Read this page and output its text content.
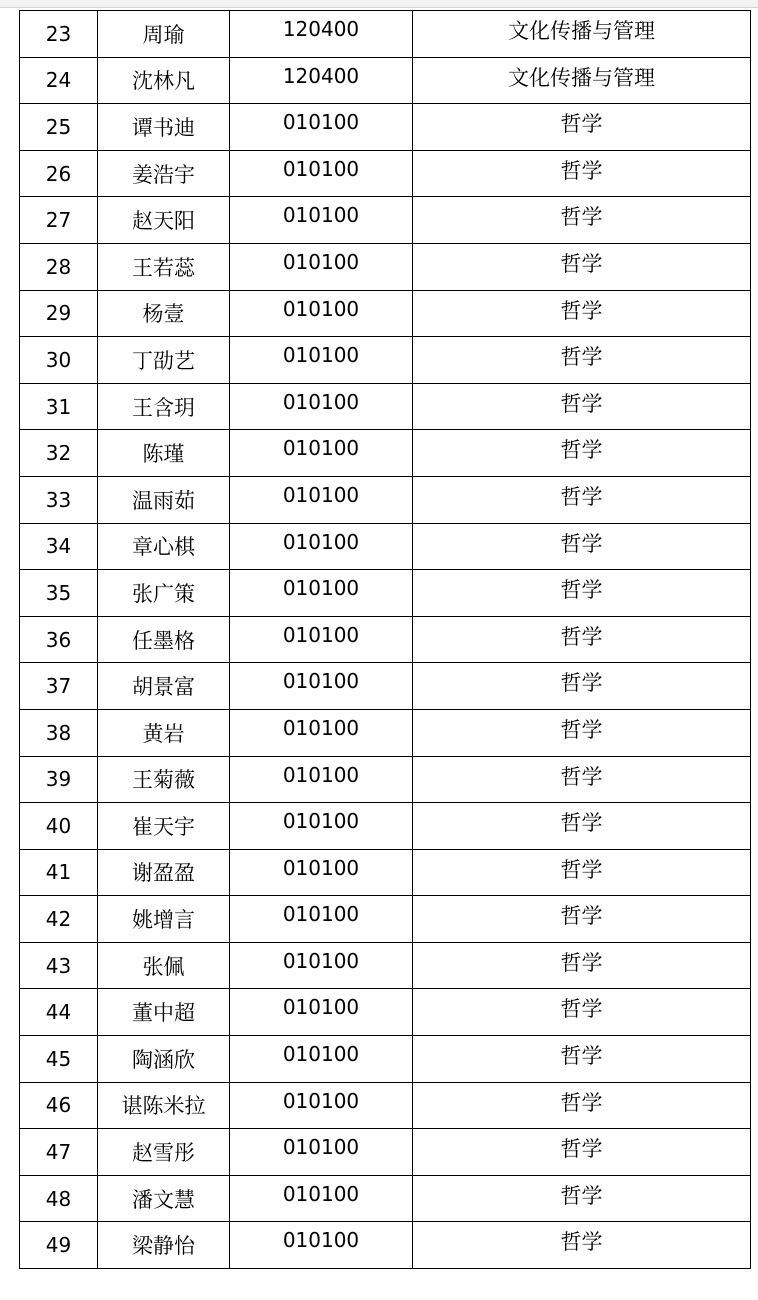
23	周瑜	120400	文化传播与管理
24	沈林凡	120400	文化传播与管理
25	谭书迪	010100	哲学
26	姜浩宇	010100	哲学
27	赵天阳	010100	哲学
28	王若蕊	010100	哲学
29	杨壹	010100	哲学
30	丁劭艺	010100	哲学
31	王含玥	010100	哲学
32	陈瑾	010100	哲学
33	温雨茹	010100	哲学
34	章心棋	010100	哲学
35	张广策	010100	哲学
36	任墨格	010100	哲学
37	胡景富	010100	哲学
38	黄岩	010100	哲学
39	王菊薇	010100	哲学
40	崔天宇	010100	哲学
41	谢盈盈	010100	哲学
42	姚增言	010100	哲学
43	张佩	010100	哲学
44	董中超	010100	哲学
45	陶涵欣	010100	哲学
46	谌陈米拉	010100	哲学
47	赵雪彤	010100	哲学
48	潘文慧	010100	哲学
49	梁静怡	010100	哲学
